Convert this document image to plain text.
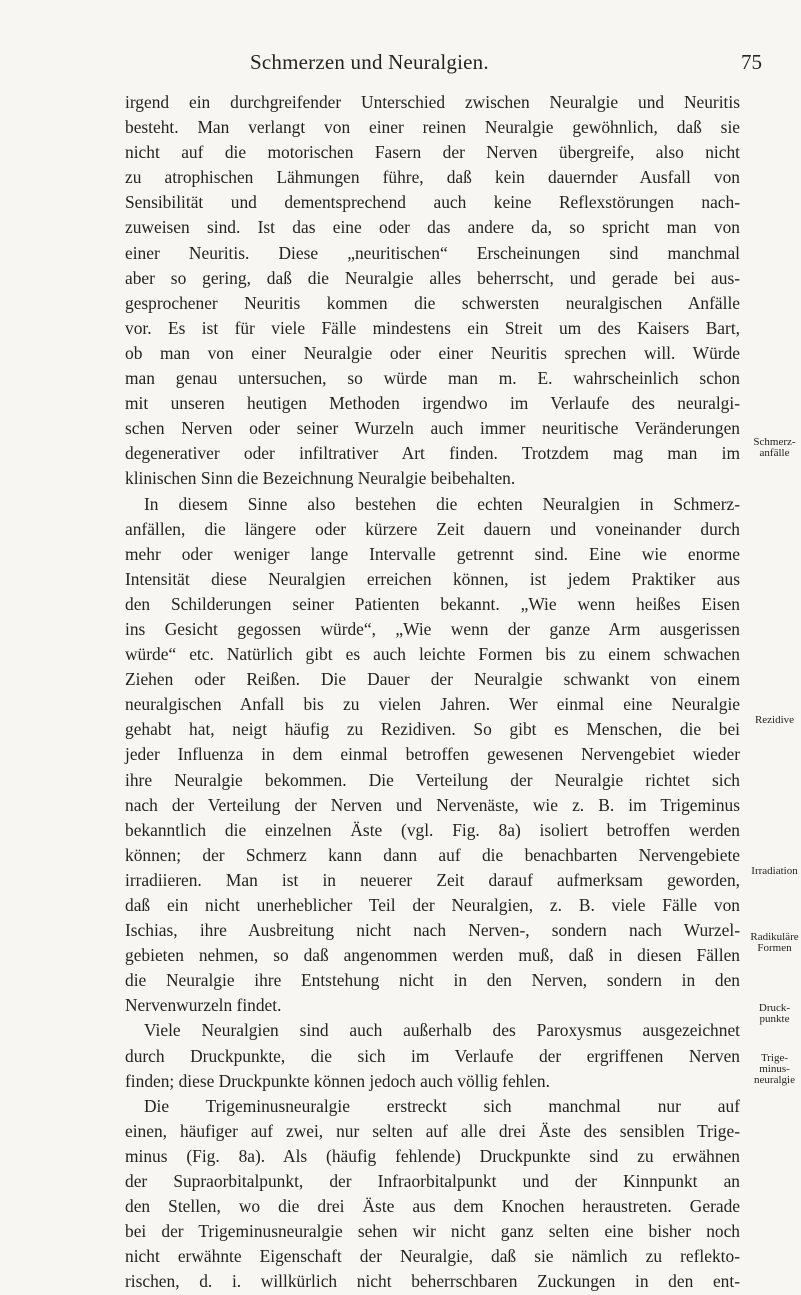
Schmerzen und Neuralgien.	75
irgend ein durchgreifender Unterschied zwischen Neuralgie und Neuritis
besteht. Man verlangt von einer reinen Neuralgie gewöhnlich, daß sie
nicht auf die motorischen Fasern der Nerven übergreife, also nicht
zu atrophischen Lähmungen führe, daß kein dauernder Ausfall von
Sensibilität und dementsprechend auch keine Reflexstörungen nach-
zuweisen sind. Ist das eine oder das andere da, so spricht man von
einer Neuritis. Diese „neuritischen“ Erscheinungen sind manchmal
aber so gering, daß die Neuralgie alles beherrscht, und gerade bei aus-
gesprochener Neuritis kommen die schwersten neuralgischen Anfälle
vor. Es ist für viele Fälle mindestens ein Streit um des Kaisers Bart,
ob man von einer Neuralgie oder einer Neuritis sprechen will. Würde
man genau untersuchen, so würde man m. E. wahrscheinlich schon
mit unseren heutigen Methoden irgendwo im Verlaufe des neuralgi-
schen Nerven oder seiner Wurzeln auch immer neuritische Veränderungen
degenerativer oder infiltrativer Art finden. Trotzdem mag man im
klinischen Sinn die Bezeichnung Neuralgie beibehalten.
In diesem Sinne also bestehen die echten Neuralgien in Schmerz-
anfällen, die längere oder kürzere Zeit dauern und voneinander durch
mehr oder weniger lange Intervalle getrennt sind. Eine wie enorme
Intensität diese Neuralgien erreichen können, ist jedem Praktiker aus
den Schilderungen seiner Patienten bekannt. „Wie wenn heißes Eisen
ins Gesicht gegossen würde“, „Wie wenn der ganze Arm ausgerissen
würde“ etc. Natürlich gibt es auch leichte Formen bis zu einem schwachen
Ziehen oder Reißen. Die Dauer der Neuralgie schwankt von einem
neuralgischen Anfall bis zu vielen Jahren. Wer einmal eine Neuralgie
gehabt hat, neigt häufig zu Rezidiven. So gibt es Menschen, die bei
jeder Influenza in dem einmal betroffen gewesenen Nervengebiet wieder
ihre Neuralgie bekommen. Die Verteilung der Neuralgie richtet sich
nach der Verteilung der Nerven und Nervenäste, wie z. B. im Trigeminus
bekanntlich die einzelnen Äste (vgl. Fig. 8a) isoliert betroffen werden
können; der Schmerz kann dann auf die benachbarten Nervengebiete
irradiieren. Man ist in neuerer Zeit darauf aufmerksam geworden,
daß ein nicht unerheblicher Teil der Neuralgien, z. B. viele Fälle von
Ischias, ihre Ausbreitung nicht nach Nerven-, sondern nach Wurzel-
gebieten nehmen, so daß angenommen werden muß, daß in diesen Fällen
die Neuralgie ihre Entstehung nicht in den Nerven, sondern in den
Nervenwurzeln findet.
Viele Neuralgien sind auch außerhalb des Paroxysmus ausgezeichnet
durch Druckpunkte, die sich im Verlaufe der ergriffenen Nerven
finden; diese Druckpunkte können jedoch auch völlig fehlen.
Die Trigeminusneuralgie erstreckt sich manchmal nur auf
einen, häufiger auf zwei, nur selten auf alle drei Äste des sensiblen Trige-
minus (Fig. 8a). Als (häufig fehlende) Druckpunkte sind zu erwähnen
der Supraorbitalpunkt, der Infraorbitalpunkt und der Kinnpunkt an
den Stellen, wo die drei Äste aus dem Knochen heraustreten. Gerade
bei der Trigeminusneuralgie sehen wir nicht ganz selten eine bisher noch
nicht erwähnte Eigenschaft der Neuralgie, daß sie nämlich zu reflekto-
rischen, d. i. willkürlich nicht beherrschbaren Zuckungen in den ent-
Schmerz-
anfälle
Rezidive
Irradiation
Radikuläre
Formen
Druck-
punkte
Trige-
minus-
neuralgie
